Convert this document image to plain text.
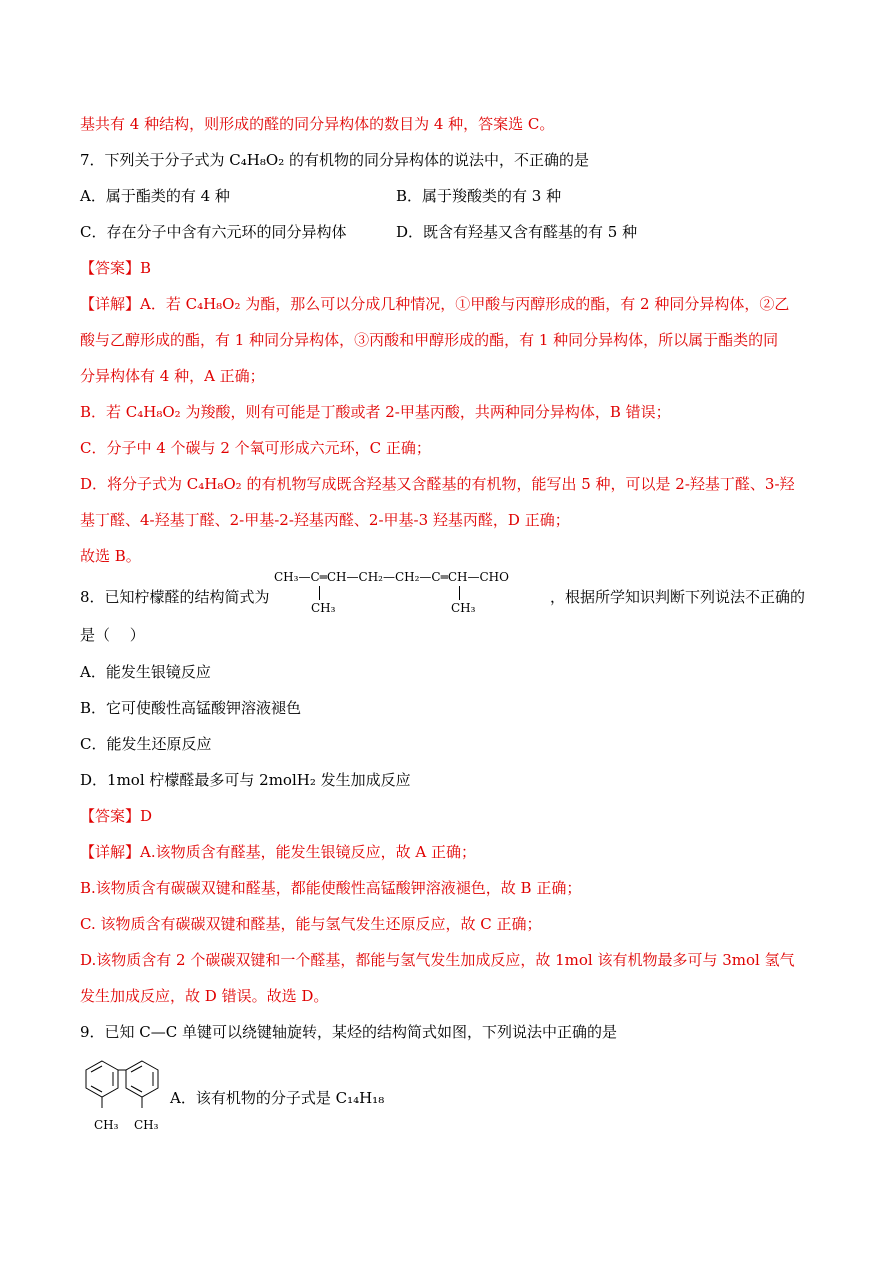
基共有 4 种结构，则形成的醛的同分异构体的数目为 4 种，答案选 C。
7．下列关于分子式为 C₄H₈O₂ 的有机物的同分异构体的说法中，不正确的是
A．属于酯类的有 4 种	B．属于羧酸类的有 3 种
C．存在分子中含有六元环的同分异构体	D．既含有羟基又含有醛基的有 5 种
【答案】B
【详解】A．若 C₄H₈O₂ 为酯，那么可以分成几种情况，①甲酸与丙醇形成的酯，有 2 种同分异构体，②乙
酸与乙醇形成的酯，有 1 种同分异构体，③丙酸和甲醇形成的酯，有 1 种同分异构体，所以属于酯类的同
分异构体有 4 种，A 正确；
B．若 C₄H₈O₂ 为羧酸，则有可能是丁酸或者 2-甲基丙酸，共两种同分异构体，B 错误；
C．分子中 4 个碳与 2 个氧可形成六元环，C 正确；
D．将分子式为 C₄H₈O₂ 的有机物写成既含羟基又含醛基的有机物，能写出 5 种，可以是 2-羟基丁醛、3-羟
基丁醛、4-羟基丁醛、2-甲基-2-羟基丙醛、2-甲基-3 羟基丙醛，D 正确；
故选 B。
8．已知柠檬醛的结构简式为
CH₃—C═CH—CH₂—CH₂—C═CH—CHO
CH₃	CH₃
，根据所学知识判断下列说法不正确的
是（　 ）
A．能发生银镜反应
B．它可使酸性高锰酸钾溶液褪色
C．能发生还原反应
D．1mol 柠檬醛最多可与 2molH₂ 发生加成反应
【答案】D
【详解】A.该物质含有醛基，能发生银镜反应，故 A 正确；
B.该物质含有碳碳双键和醛基，都能使酸性高锰酸钾溶液褪色，故 B 正确；
C. 该物质含有碳碳双键和醛基，能与氢气发生还原反应，故 C 正确；
D.该物质含有 2 个碳碳双键和一个醛基，都能与氢气发生加成反应，故 1mol 该有机物最多可与 3mol 氢气
发生加成反应，故 D 错误。故选 D。
9．已知 C—C 单键可以绕键轴旋转，某烃的结构简式如图，下列说法中正确的是
CH₃ CH₃
A．该有机物的分子式是 C₁₄H₁₈
